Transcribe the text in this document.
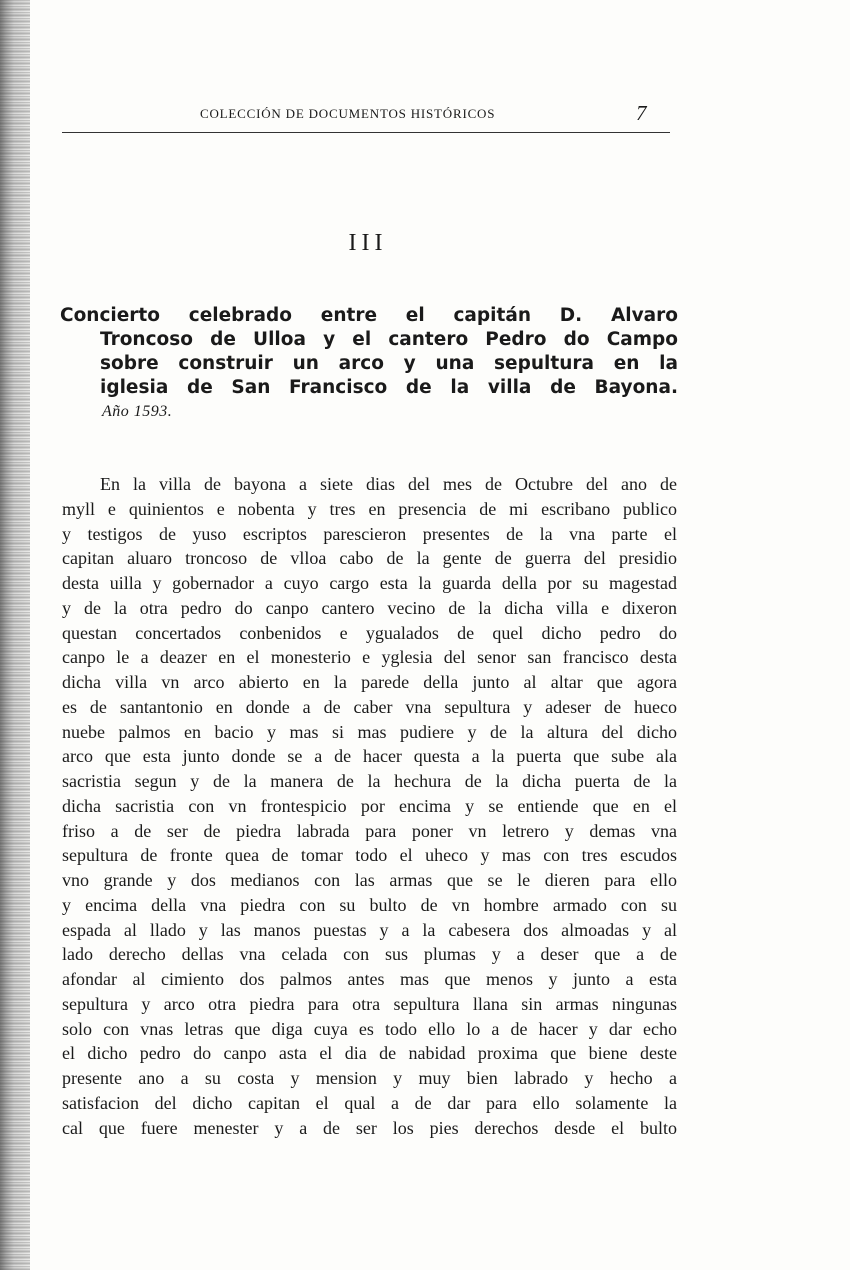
COLECCIÓN DE DOCUMENTOS HISTÓRICOS	7
III
Concierto celebrado entre el capitán D. Alvaro
Troncoso de Ulloa y el cantero Pedro do Campo
sobre construir un arco y una sepultura en la
iglesia de San Francisco de la villa de Bayona.
Año 1593.
En la villa de bayona a siete dias del mes de Octubre del ano de
myll e quinientos e nobenta y tres en presencia de mi escribano publico
y testigos de yuso escriptos parescieron presentes de la vna parte el
capitan aluaro troncoso de vlloa cabo de la gente de guerra del presidio
desta uilla y gobernador a cuyo cargo esta la guarda della por su magestad
y de la otra pedro do canpo cantero vecino de la dicha villa e dixeron
questan concertados conbenidos e ygualados de quel dicho pedro do
canpo le a deazer en el monesterio e yglesia del senor san francisco desta
dicha villa vn arco abierto en la parede della junto al altar que agora
es de santantonio en donde a de caber vna sepultura y adeser de hueco
nuebe palmos en bacio y mas si mas pudiere y de la altura del dicho
arco que esta junto donde se a de hacer questa a la puerta que sube ala
sacristia segun y de la manera de la hechura de la dicha puerta de la
dicha sacristia con vn frontespicio por encima y se entiende que en el
friso a de ser de piedra labrada para poner vn letrero y demas vna
sepultura de fronte quea de tomar todo el uheco y mas con tres escudos
vno grande y dos medianos con las armas que se le dieren para ello
y encima della vna piedra con su bulto de vn hombre armado con su
espada al llado y las manos puestas y a la cabesera dos almoadas y al
lado derecho dellas vna celada con sus plumas y a deser que a de
afondar al cimiento dos palmos antes mas que menos y junto a esta
sepultura y arco otra piedra para otra sepultura llana sin armas ningunas
solo con vnas letras que diga cuya es todo ello lo a de hacer y dar echo
el dicho pedro do canpo asta el dia de nabidad proxima que biene deste
presente ano a su costa y mension y muy bien labrado y hecho a
satisfacion del dicho capitan el qual a de dar para ello solamente la
cal que fuere menester y a de ser los pies derechos desde el bulto
